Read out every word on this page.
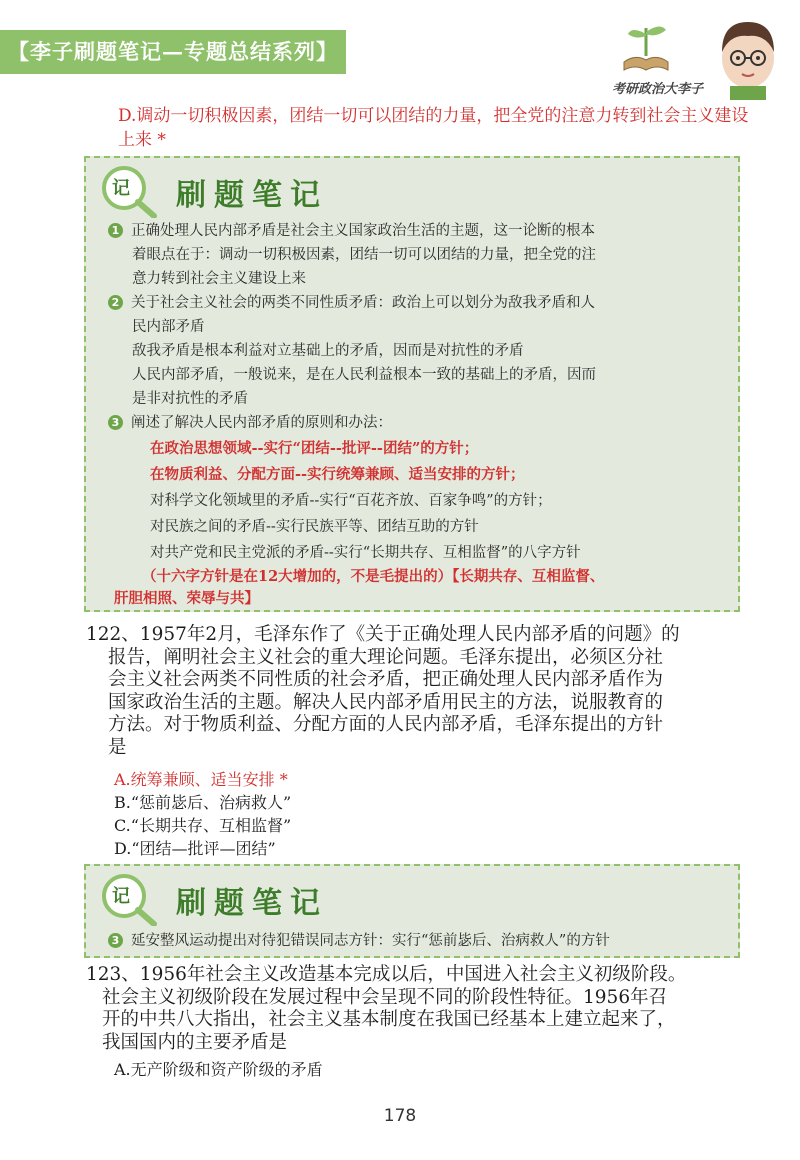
【李子刷题笔记—专题总结系列】
考研政治大李子
D.调动一切积极因素，团结一切可以团结的力量，把全党的注意力转到社会主义建设上来 *
记 刷题笔记
1 正确处理人民内部矛盾是社会主义国家政治生活的主题，这一论断的根本
着眼点在于：调动一切积极因素，团结一切可以团结的力量，把全党的注
意力转到社会主义建设上来
2 关于社会主义社会的两类不同性质矛盾：政治上可以划分为敌我矛盾和人
民内部矛盾
敌我矛盾是根本利益对立基础上的矛盾，因而是对抗性的矛盾
人民内部矛盾，一般说来，是在人民利益根本一致的基础上的矛盾，因而
是非对抗性的矛盾
3 阐述了解决人民内部矛盾的原则和办法：
在政治思想领域--实行“团结--批评--团结”的方针；
在物质利益、分配方面--实行统筹兼顾、适当安排的方针；
对科学文化领域里的矛盾--实行“百花齐放、百家争鸣”的方针；
对民族之间的矛盾--实行民族平等、团结互助的方针
对共产党和民主党派的矛盾--实行“长期共存、互相监督”的八字方针
（十六字方针是在12大增加的，不是毛提出的）【长期共存、互相监督、
肝胆相照、荣辱与共】
122、1957年2月，毛泽东作了《关于正确处理人民内部矛盾的问题》的
报告，阐明社会主义社会的重大理论问题。毛泽东提出，必须区分社
会主义社会两类不同性质的社会矛盾，把正确处理人民内部矛盾作为
国家政治生活的主题。解决人民内部矛盾用民主的方法，说服教育的
方法。对于物质利益、分配方面的人民内部矛盾，毛泽东提出的方针
是
A.统筹兼顾、适当安排 *
B.“惩前毖后、治病救人”
C.“长期共存、互相监督”
D.“团结—批评—团结”
记 刷题笔记
3 延安整风运动提出对待犯错误同志方针：实行“惩前毖后、治病救人”的方针
123、1956年社会主义改造基本完成以后，中国进入社会主义初级阶段。
社会主义初级阶段在发展过程中会呈现不同的阶段性特征。1956年召
开的中共八大指出，社会主义基本制度在我国已经基本上建立起来了，
我国国内的主要矛盾是
A.无产阶级和资产阶级的矛盾
178
